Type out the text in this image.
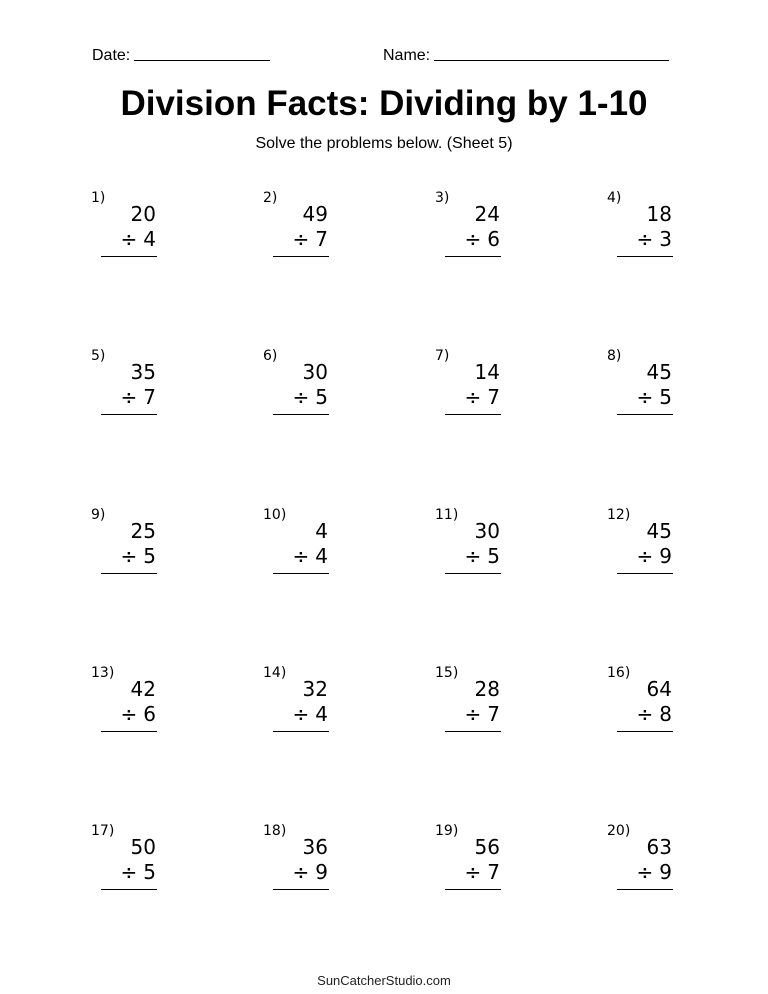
Date:	Name:
Division Facts: Dividing by 1-10
Solve the problems below. (Sheet 5)
1)
20
÷ 4
2)
49
÷ 7
3)
24
÷ 6
4)
18
÷ 3
5)
35
÷ 7
6)
30
÷ 5
7)
14
÷ 7
8)
45
÷ 5
9)
25
÷ 5
10)
4
÷ 4
11)
30
÷ 5
12)
45
÷ 9
13)
42
÷ 6
14)
32
÷ 4
15)
28
÷ 7
16)
64
÷ 8
17)
50
÷ 5
18)
36
÷ 9
19)
56
÷ 7
20)
63
÷ 9
SunCatcherStudio.com
